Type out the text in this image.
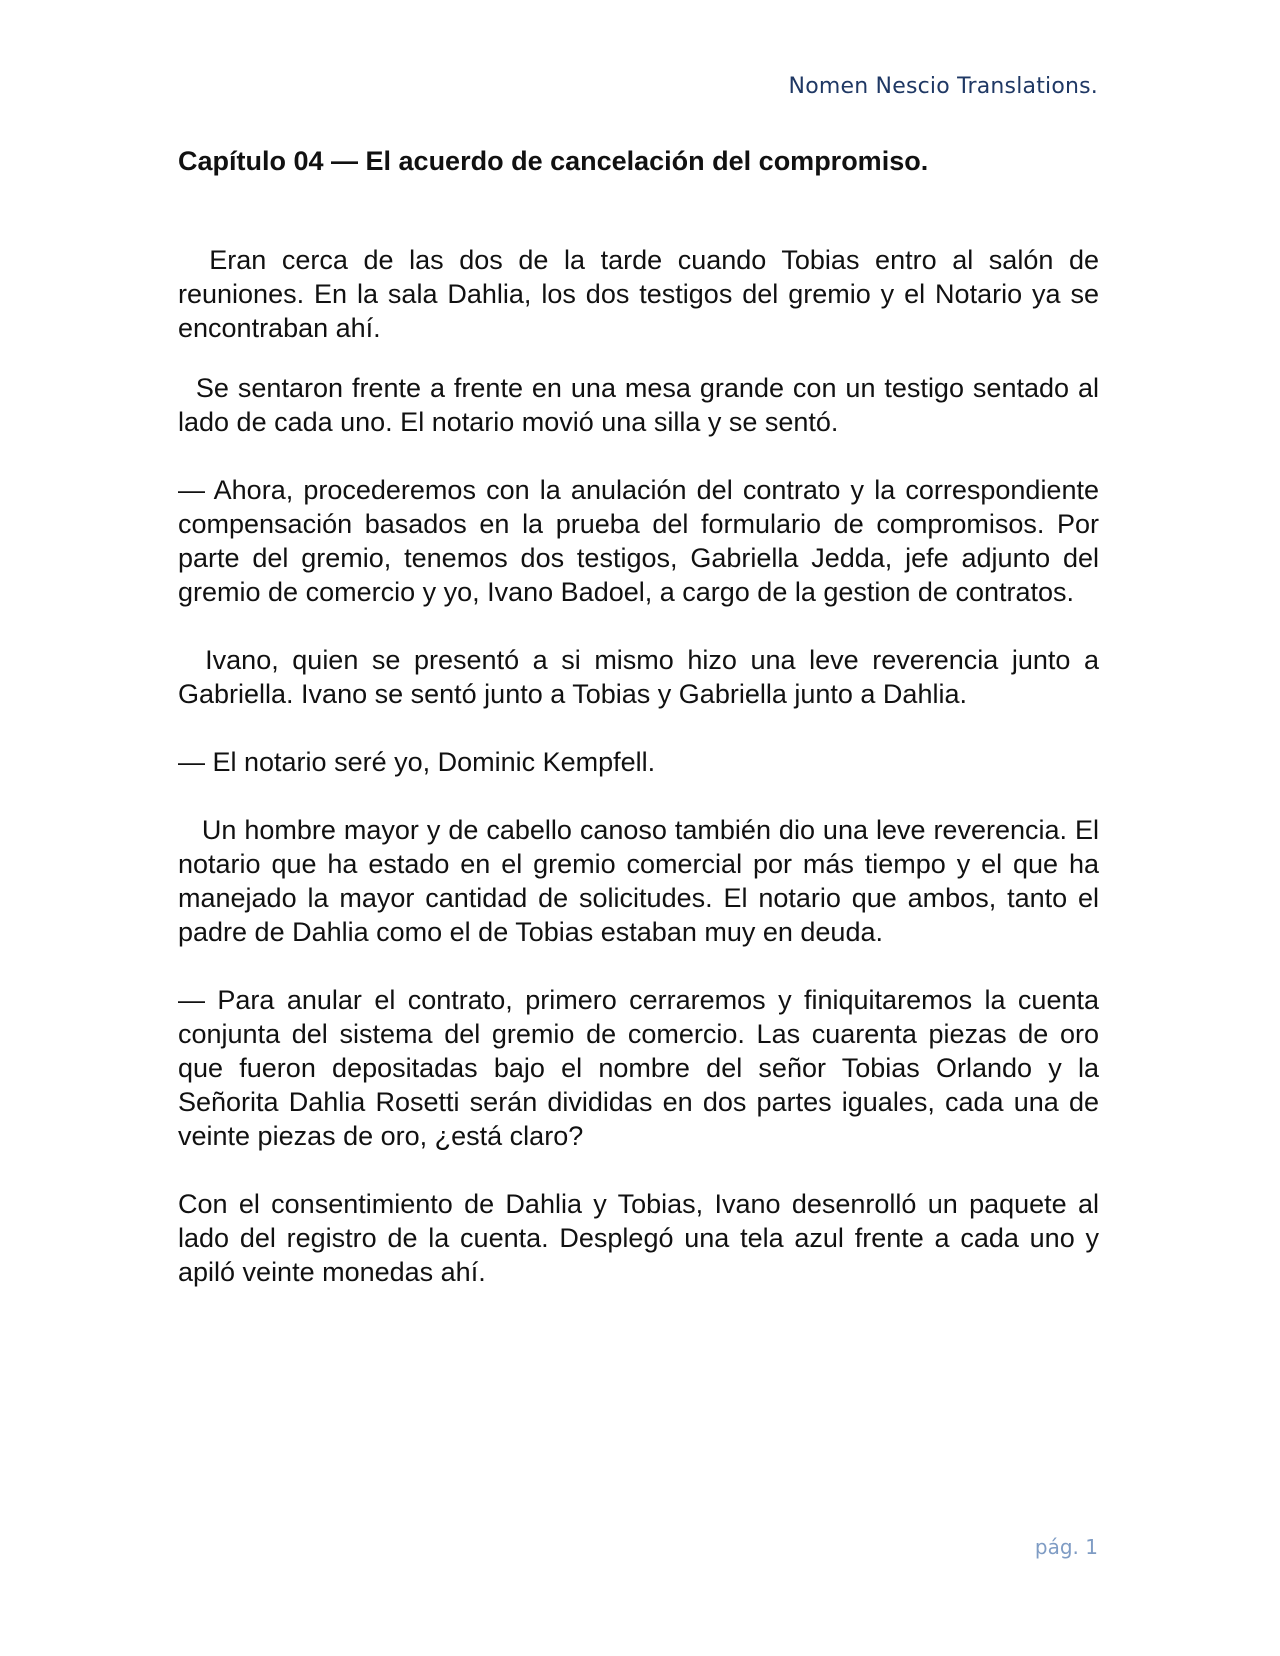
Nomen Nescio Translations.
Capítulo 04 — El acuerdo de cancelación del compromiso.

Eran cerca de las dos de la tarde cuando Tobias entro al salón de reuniones. En la sala Dahlia, los dos testigos del gremio y el Notario ya se encontraban ahí.

Se sentaron frente a frente en una mesa grande con un testigo sentado al lado de cada uno. El notario movió una silla y se sentó.

— Ahora, procederemos con la anulación del contrato y la correspondiente compensación basados en la prueba del formulario de compromisos. Por parte del gremio, tenemos dos testigos, Gabriella Jedda, jefe adjunto del gremio de comercio y yo, Ivano Badoel, a cargo de la gestion de contratos.

Ivano, quien se presentó a si mismo hizo una leve reverencia junto a Gabriella. Ivano se sentó junto a Tobias y Gabriella junto a Dahlia.

— El notario seré yo, Dominic Kempfell.

Un hombre mayor y de cabello canoso también dio una leve reverencia. El notario que ha estado en el gremio comercial por más tiempo y el que ha manejado la mayor cantidad de solicitudes. El notario que ambos, tanto el padre de Dahlia como el de Tobias estaban muy en deuda.

— Para anular el contrato, primero cerraremos y finiquitaremos la cuenta conjunta del sistema del gremio de comercio. Las cuarenta piezas de oro que fueron depositadas bajo el nombre del señor Tobias Orlando y la Señorita Dahlia Rosetti serán divididas en dos partes iguales, cada una de veinte piezas de oro, ¿está claro?

Con el consentimiento de Dahlia y Tobias, Ivano desenrolló un paquete al lado del registro de la cuenta. Desplegó una tela azul frente a cada uno y apiló veinte monedas ahí.

pág. 1
